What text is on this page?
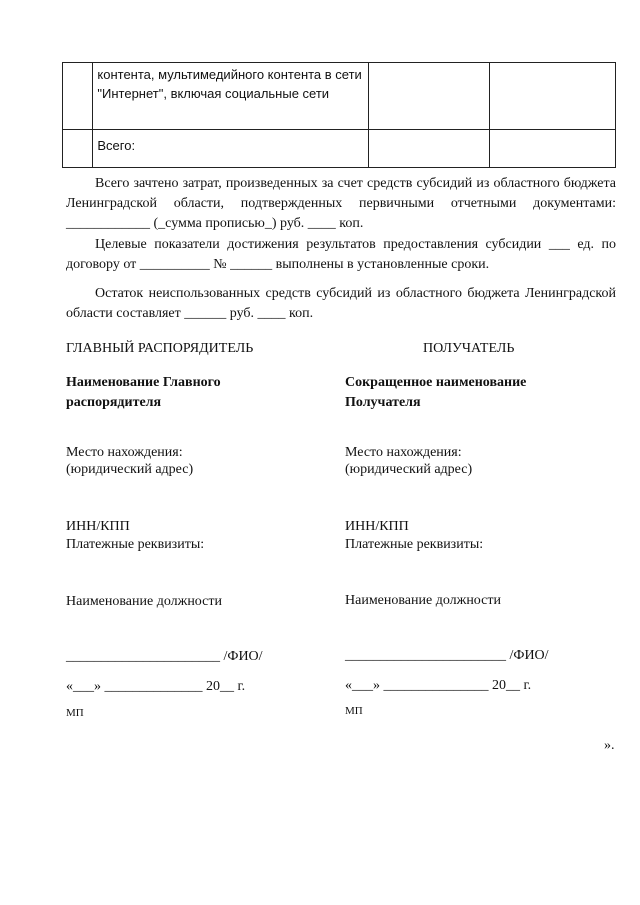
	контента, мультимедийного контента в сети "Интернет", включая социальные сети		
	Всего:		
Всего зачтено затрат, произведенных за счет средств субсидий из областного бюджета Ленинградской области, подтвержденных первичными отчетными документами: ____________ (_сумма прописью_) руб. ____ коп.
Целевые показатели достижения результатов предоставления субсидии ___ ед. по договору от __________ № ______ выполнены в установленные сроки.
Остаток неиспользованных средств субсидий из областного бюджета Ленинградской области составляет ______ руб. ____ коп.
ГЛАВНЫЙ РАСПОРЯДИТЕЛЬ
Наименование Главного распорядителя
Место нахождения:
(юридический адрес)
ИНН/КПП
Платежные реквизиты:
Наименование должности
______________________ /ФИО/
«___» ______________ 20__ г.
МП
ПОЛУЧАТЕЛЬ
Сокращенное наименование Получателя
Место нахождения:
(юридический адрес)
ИНН/КПП
Платежные реквизиты:
Наименование должности
_______________________ /ФИО/
«___» _______________ 20__ г.
МП
».
